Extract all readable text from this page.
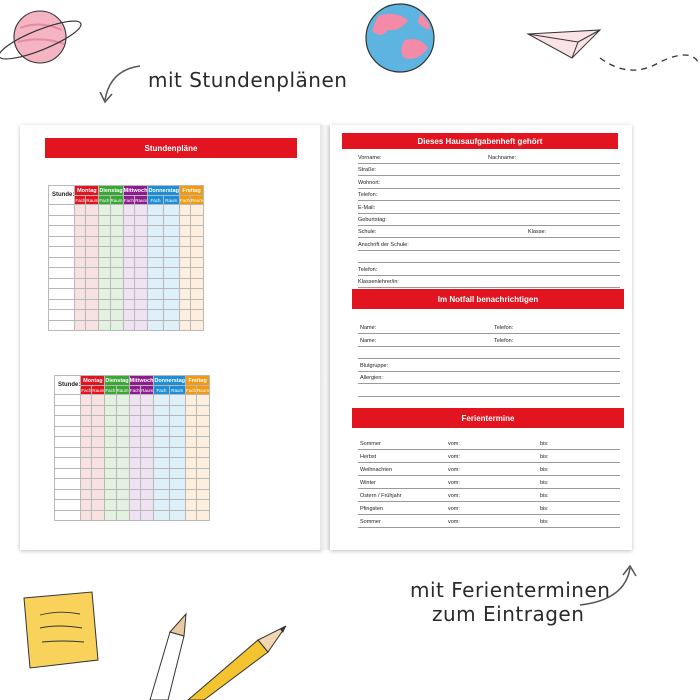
mit Stundenplänen
mit Ferienterminen
zum Eintragen
Stundenpläne
Stunde:	Montag		Dienstag		Mittwoch		Donnerstag		Freitag	
	Fach	Raum	Fach	Raum	Fach	Raum	Fach	Raum	Fach	Raum

Stunde:	Montag		Dienstag		Mittwoch		Donnerstag		Freitag	
	Fach	Raum	Fach	Raum	Fach	Raum	Fach	Raum	Fach	Raum

Dieses Hausaufgabenheft gehört
Vorname:	Nachname:
Straße:
Wohnort:
Telefon:
E-Mail:
Geburtstag:
Schule:	Klasse:
Anschrift der Schule:
Telefon:
Klassenlehrer/in:
Im Notfall benachrichtigen
Name:	Telefon:
Name:	Telefon:
Blutgruppe:
Allergien:
Ferientermine
Sommer	vom:	bis:
Herbst	vom:	bis:
Weihnachten	vom:	bis:
Winter	vom:	bis:
Ostern / Frühjahr	vom:	bis:
Pfingsten	vom:	bis:
Sommer	vom:	bis:
